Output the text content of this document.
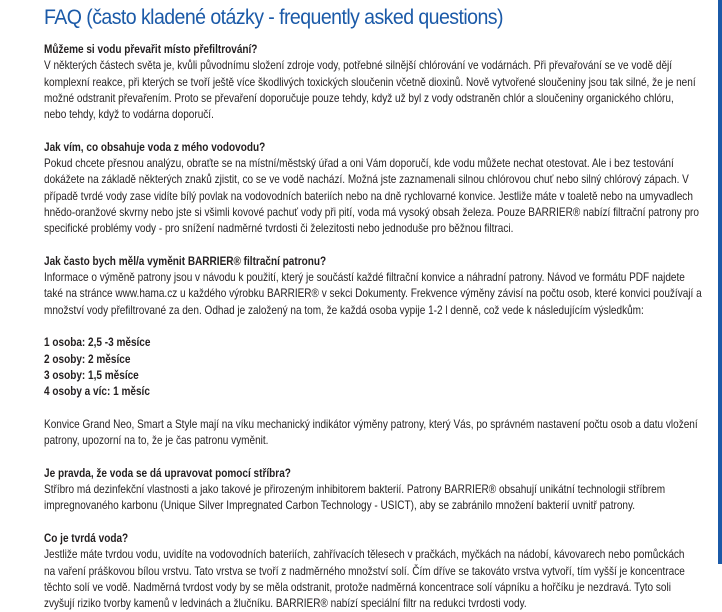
FAQ (často kladené otázky - frequently asked questions)

Můžeme si vodu převařit místo přefiltrování?

V některých částech světa je, kvůli původnímu složení zdroje vody, potřebné silnější chlórování ve vodárnách. Při převařování se ve vodě dějí

komplexní reakce, při kterých se tvoří ještě více škodlivých toxických sloučenin včetně dioxinů. Nově vytvořené sloučeniny jsou tak silné, že je není

možné odstranit převařením. Proto se převaření doporučuje pouze tehdy, když už byl z vody odstraněn chlór a sloučeniny organického chlóru,

nebo tehdy, když to vodárna doporučí.

Jak vím, co obsahuje voda z mého vodovodu?

Pokud chcete přesnou analýzu, obraťte se na místní/městský úřad a oni Vám doporučí, kde vodu můžete nechat otestovat. Ale i bez testování

dokážete na základě některých znaků zjistit, co se ve vodě nachází. Možná jste zaznamenali silnou chlórovou chuť nebo silný chlórový zápach. V

případě tvrdé vody zase vidíte bílý povlak na vodovodních bateriích nebo na dně rychlovarné konvice. Jestliže máte v toaletě nebo na umyvadlech

hnědo-oranžové skvrny nebo jste si všimli kovové pachuť vody při pití, voda má vysoký obsah železa. Pouze BARRIER® nabízí filtrační patrony pro

specifické problémy vody - pro snížení nadměrné tvrdosti či železitosti nebo jednoduše pro běžnou filtraci.

Jak často bych měl/a vyměnit BARRIER® filtrační patronu?

Informace o výměně patrony jsou v návodu k použití, který je součástí každé filtrační konvice a náhradní patrony. Návod ve formátu PDF najdete

také na stránce www.hama.cz u každého výrobku BARRIER® v sekci Dokumenty. Frekvence výměny závisí na počtu osob, které konvici používají a

množství vody přefiltrované za den. Odhad je založený na tom, že každá osoba vypije 1-2 l denně, což vede k následujícím výsledkům:

1 osoba: 2,5 -3 měsíce

2 osoby: 2 měsíce

3 osoby: 1,5 měsíce

4 osoby a víc: 1 měsíc

Konvice Grand Neo, Smart a Style mají na víku mechanický indikátor výměny patrony, který Vás, po správném nastavení počtu osob a datu vložení

patrony, upozorní na to, že je čas patronu vyměnit.

Je pravda, že voda se dá upravovat pomocí stříbra?

Stříbro má dezinfekční vlastnosti a jako takové je přirozeným inhibitorem bakterií. Patrony BARRIER® obsahují unikátní technologii stříbrem

impregnovaného karbonu (Unique Silver Impregnated Carbon Technology - USICT), aby se zabránilo množení bakterií uvnitř patrony.

Co je tvrdá voda?

Jestliže máte tvrdou vodu, uvidíte na vodovodních bateriích, zahřívacích tělesech v pračkách, myčkách na nádobí, kávovarech nebo pomůckách

na vaření práškovou bílou vrstvu. Tato vrstva se tvoří z nadměrného množství solí. Čím dříve se takováto vrstva vytvoří, tím vyšší je koncentrace

těchto solí ve vodě. Nadměrná tvrdost vody by se měla odstranit, protože nadměrná koncentrace solí vápníku a hořčíku je nezdravá. Tyto soli

zvyšují riziko tvorby kamenů v ledvinách a žlučníku. BARRIER® nabízí speciální filtr na redukci tvrdosti vody.
